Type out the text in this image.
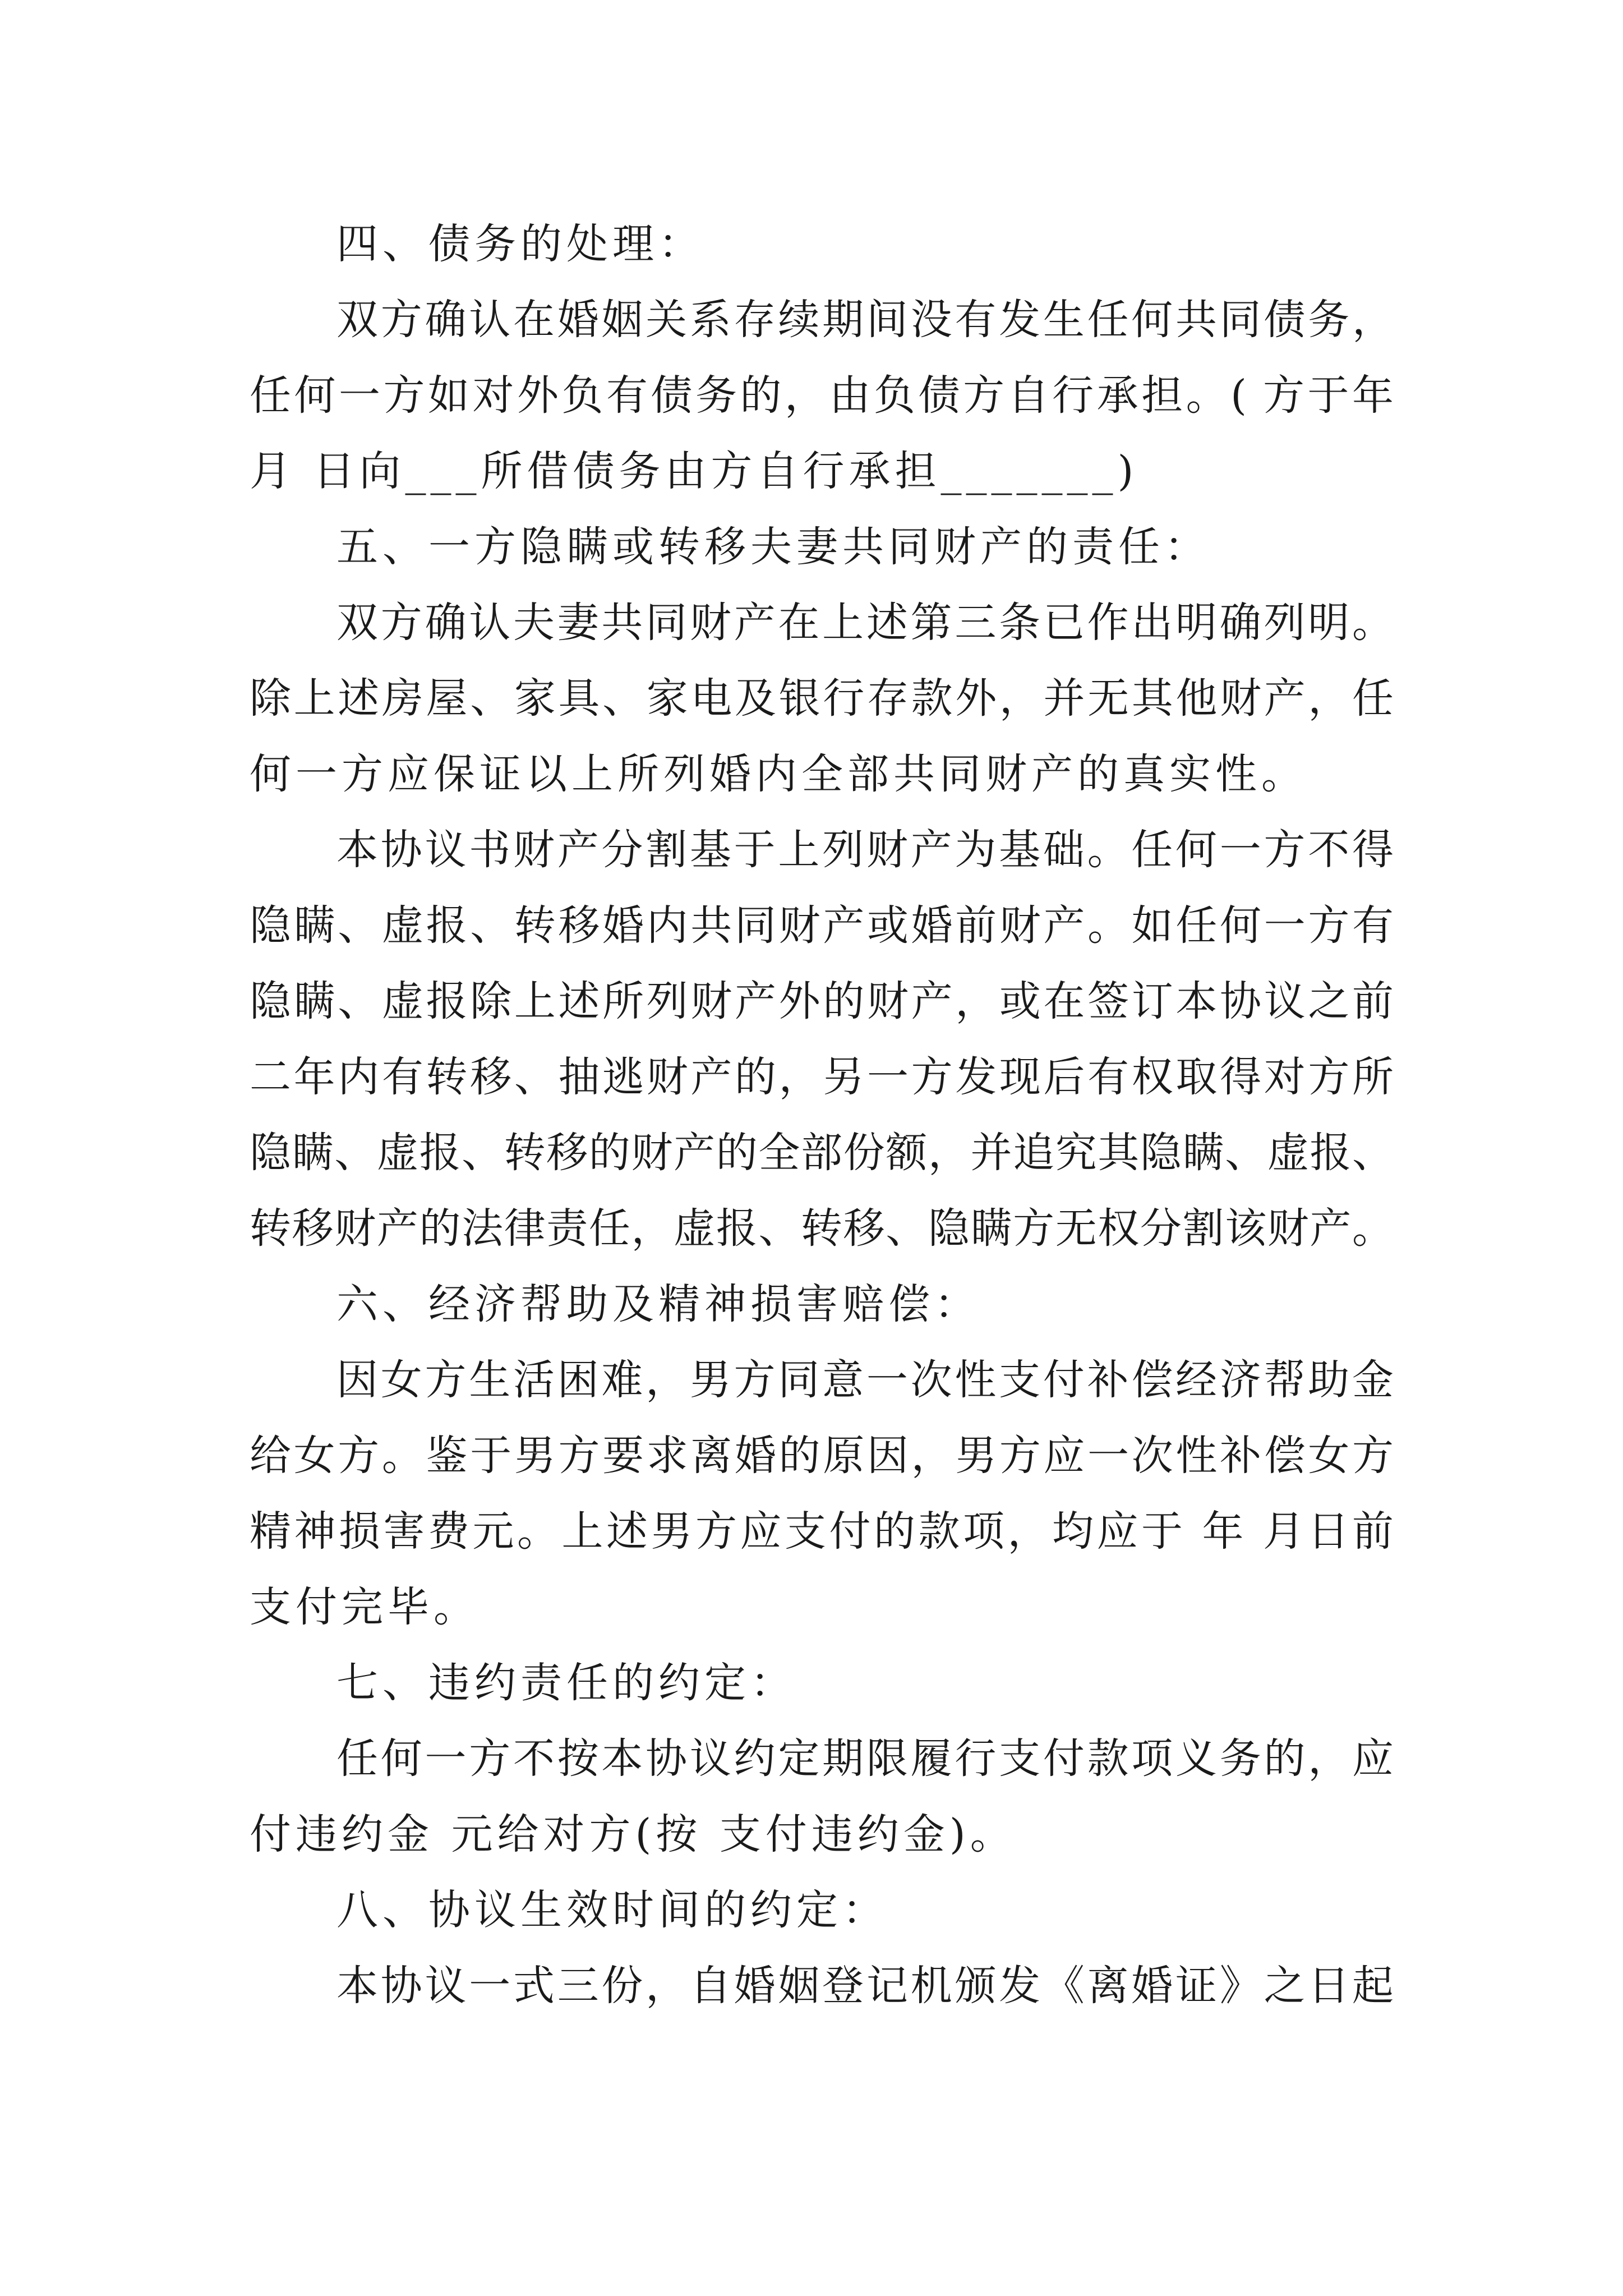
四、债务的处理：
双方确认在婚姻关系存续期间没有发生任何共同债务，
任何一方如对外负有债务的，由负债方自行承担。( 方于年
月 日向___所借债务由方自行承担_______)
五、一方隐瞒或转移夫妻共同财产的责任：
双方确认夫妻共同财产在上述第三条已作出明确列明。
除上述房屋、家具、家电及银行存款外，并无其他财产，任
何一方应保证以上所列婚内全部共同财产的真实性。
本协议书财产分割基于上列财产为基础。任何一方不得
隐瞒、虚报、转移婚内共同财产或婚前财产。如任何一方有
隐瞒、虚报除上述所列财产外的财产，或在签订本协议之前
二年内有转移、抽逃财产的，另一方发现后有权取得对方所
隐瞒、虚报、转移的财产的全部份额，并追究其隐瞒、虚报、
转移财产的法律责任，虚报、转移、隐瞒方无权分割该财产。
六、经济帮助及精神损害赔偿：
因女方生活困难，男方同意一次性支付补偿经济帮助金
给女方。鉴于男方要求离婚的原因，男方应一次性补偿女方
精神损害费元。上述男方应支付的款项，均应于 年 月日前
支付完毕。
七、违约责任的约定：
任何一方不按本协议约定期限履行支付款项义务的，应
付违约金 元给对方(按 支付违约金)。
八、协议生效时间的约定：
本协议一式三份，自婚姻登记机颁发《离婚证》之日起
